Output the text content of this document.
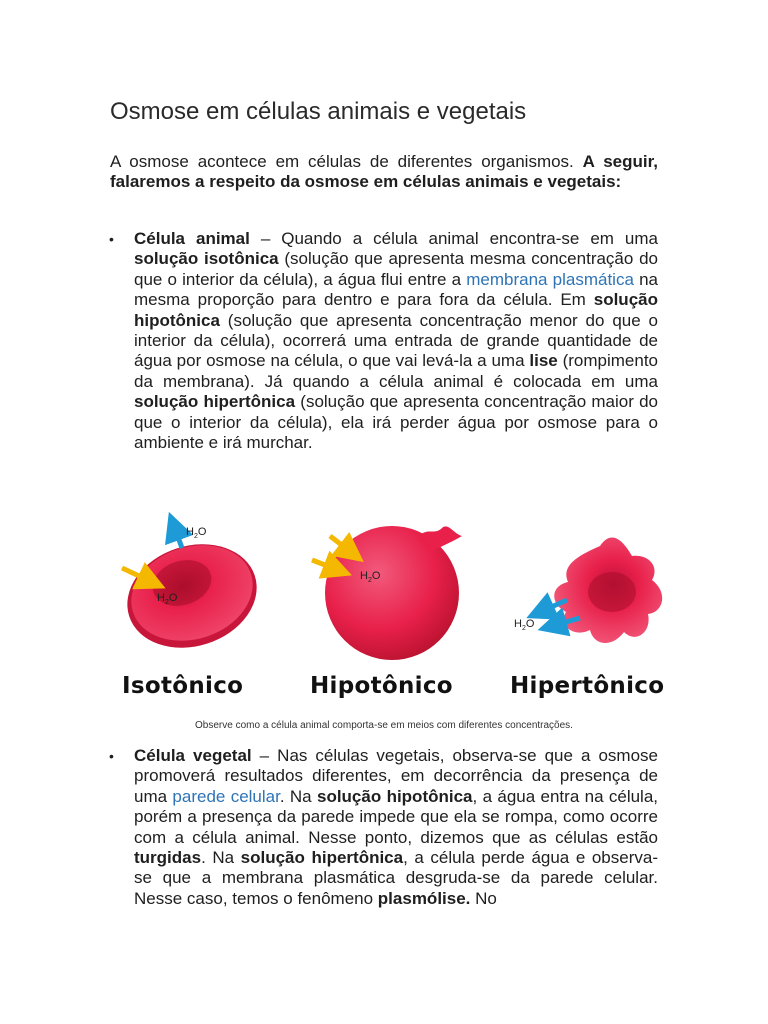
Osmose em células animais e vegetais

A osmose acontece em células de diferentes organismos. A seguir, falaremos a respeito da osmose em células animais e vegetais:

• Célula animal – Quando a célula animal encontra-se em uma solução isotônica (solução que apresenta mesma concentração do que o interior da célula), a água flui entre a membrana plasmática na mesma proporção para dentro e para fora da célula. Em solução hipotônica (solução que apresenta concentração menor do que o interior da célula), ocorrerá uma entrada de grande quantidade de água por osmose na célula, o que vai levá-la a uma lise (rompimento da membrana). Já quando a célula animal é colocada em uma solução hipertônica (solução que apresenta concentração maior do que o interior da célula), ela irá perder água por osmose para o ambiente e irá murchar.
$H_2O$
$H_2O$
$H_2O$
$H_2O$
Isotônico	Hipotônico Hipertônico
Observe como a célula animal comporta-se em meios com diferentes concentrações.
• Célula vegetal – Nas células vegetais, observa-se que a osmose promoverá resultados diferentes, em decorrência da presença de uma parede celular. Na solução hipotônica, a água entra na célula, porém a presença da parede impede que ela se rompa, como ocorre com a célula animal. Nesse ponto, dizemos que as células estão turgidas. Na solução hipertônica, a célula perde água e observa-se que a membrana plasmática desgruda-se da parede celular. Nesse caso, temos o fenômeno plasmólise. No
